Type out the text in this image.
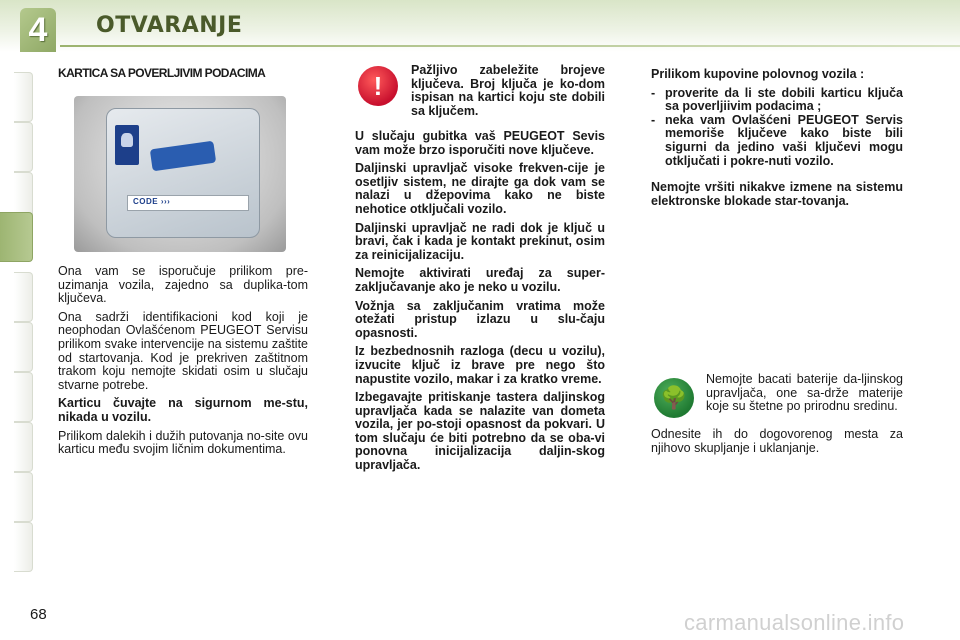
4	OTVARANJE
KARTICA SA POVERLJIVIM PODACIMA
CODE ›››

Ona vam se isporučuje prilikom pre-uzimanja vozila, zajedno sa duplika-tom ključeva.

Ona sadrži identifikacioni kod koji je neophodan Ovlašćenom PEUGEOT Servisu prilikom svake intervencije na sistemu zaštite od startovanja. Kod je prekriven zaštitnom trakom koju nemojte skidati osim u slučaju stvarne potrebe.

Karticu čuvajte na sigurnom me-stu, nikada u vozilu.

Prilikom dalekih i dužih putovanja no-site ovu karticu među svojim ličnim dokumentima.

!
Pažljivo zabeležite brojeve ključeva. Broj ključa je ko-dom ispisan na kartici koju ste dobili sa ključem.

U slučaju gubitka vaš PEUGEOT Sevis vam može brzo isporučiti nove ključeve.

Daljinski upravljač visoke frekven-cije je osetljiv sistem, ne dirajte ga dok vam se nalazi u džepovima kako ne biste nehotice otključali vozilo.

Daljinski upravljač ne radi dok je ključ u bravi, čak i kada je kontakt prekinut, osim za reinicijalizaciju.

Nemojte aktivirati uređaj za super-zaključavanje ako je neko u vozilu.

Vožnja sa zaključanim vratima može otežati pristup izlazu u slu-čaju opasnosti.

Iz bezbednosnih razloga (decu u vozilu), izvucite ključ iz brave pre nego što napustite vozilo, makar i za kratko vreme.

Izbegavajte pritiskanje tastera daljinskog upravljača kada se nalazite van dometa vozila, jer po-stoji opasnost da pokvari. U tom slučaju će biti potrebno da se oba-vi ponovna inicijalizacija daljin-skog upravljača.

Prilikom kupovine polovnog vozila :

- proverite da li ste dobili karticu ključa sa poverljiivim podacima ;
- neka vam Ovlašćeni PEUGEOT Servis memoriše ključeve kako biste bili sigurni da jedino vaši ključevi mogu otključati i pokre-nuti vozilo.

Nemojte vršiti nikakve izmene na sistemu elektronske blokade star-tovanja.

🌳
Nemojte bacati baterije da-ljinskog upravljača, one sa-drže materije koje su štetne po prirodnu sredinu.
Odnesite ih do dogovorenog mesta za njihovo skupljanje i uklanjanje.
68	carmanualsonline.info
